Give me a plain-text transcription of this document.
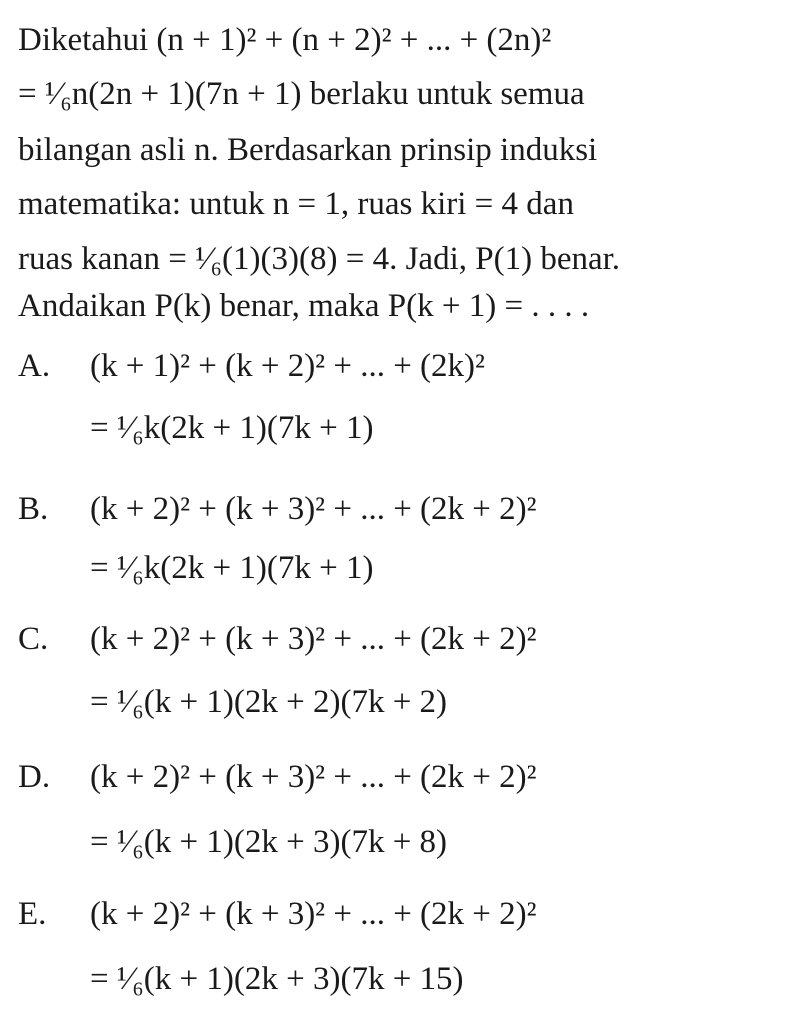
Diketahui (n + 1)² + (n + 2)² + ... + (2n)²
= ¹⁄₆n(2n + 1)(7n + 1) berlaku untuk semua
bilangan asli n. Berdasarkan prinsip induksi
matematika: untuk n = 1, ruas kiri = 4 dan
ruas kanan = ¹⁄₆(1)(3)(8) = 4. Jadi, P(1) benar.
Andaikan P(k) benar, maka P(k + 1) = . . . .
A. (k + 1)² + (k + 2)² + ... + (2k)²
= ¹⁄₆k(2k + 1)(7k + 1)
B. (k + 2)² + (k + 3)² + ... + (2k + 2)²
= ¹⁄₆k(2k + 1)(7k + 1)
C. (k + 2)² + (k + 3)² + ... + (2k + 2)²
= ¹⁄₆(k + 1)(2k + 2)(7k + 2)
D. (k + 2)² + (k + 3)² + ... + (2k + 2)²
= ¹⁄₆(k + 1)(2k + 3)(7k + 8)
E. (k + 2)² + (k + 3)² + ... + (2k + 2)²
= ¹⁄₆(k + 1)(2k + 3)(7k + 15)
